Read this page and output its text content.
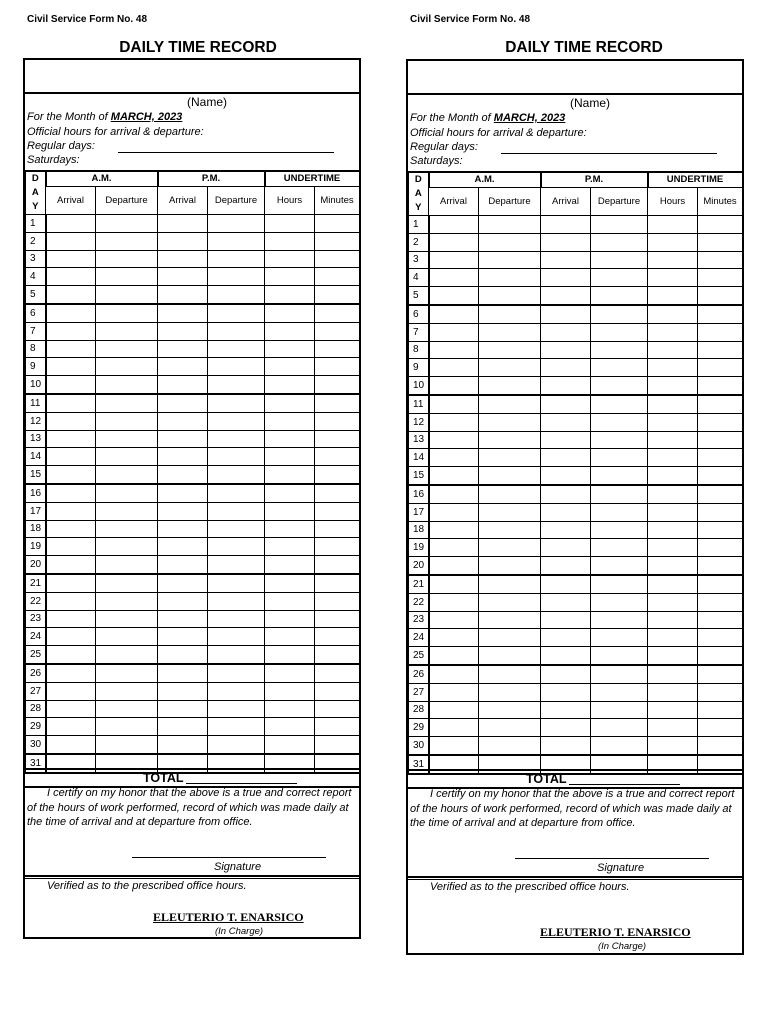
Civil Service Form No. 48
DAILY TIME RECORD
(Name)
For the Month of MARCH, 2023
Official hours for arrival & departure:
Regular days:
Saturdays:
D
A
Y	A.M.		P.M.		UNDERTIME	
	Arrival	Departure	Arrival	Departure	Hours	Minutes
1						
2						
3						
4						
5						
6						
7						
8						
9						
10						
11						
12						
13						
14						
15						
16						
17						
18						
19						
20						
21						
22						
23						
24						
25						
26						
27						
28						
29						
30						
31						
TOTAL
I certify on my honor that the above is a true and correct report of the hours of work performed, record of which was made daily at the time of arrival and at departure from office.
Signature
Verified as to the prescribed office hours.
ELEUTERIO T. ENARSICO
(In Charge)
Civil Service Form No. 48
DAILY TIME RECORD
(Name)
For the Month of MARCH, 2023
Official hours for arrival & departure:
Regular days:
Saturdays:
D
A
Y	A.M.		P.M.		UNDERTIME	
	Arrival	Departure	Arrival	Departure	Hours	Minutes
1						
2						
3						
4						
5						
6						
7						
8						
9						
10						
11						
12						
13						
14						
15						
16						
17						
18						
19						
20						
21						
22						
23						
24						
25						
26						
27						
28						
29						
30						
31						
TOTAL
I certify on my honor that the above is a true and correct report of the hours of work performed, record of which was made daily at the time of arrival and at departure from office.
Signature
Verified as to the prescribed office hours.
ELEUTERIO T. ENARSICO
(In Charge)
